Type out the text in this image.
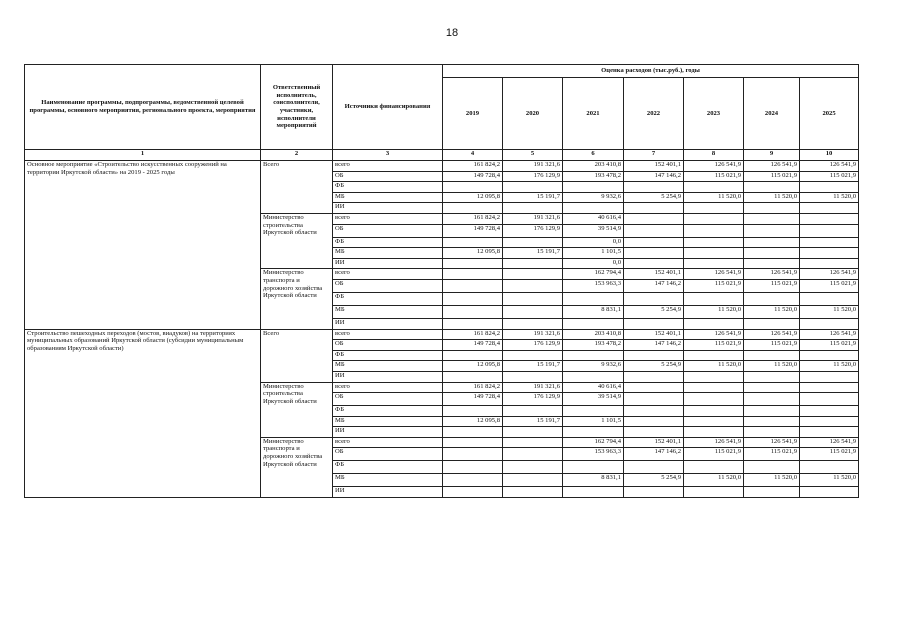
18
Наименование программы, подпрограммы, ведомственной целевой программы, основного мероприятия, регионального проекта, мероприятия	Ответственный исполнитель, соисполнители, участники, исполнители мероприятий	Источники финансирования	Оценка расходов (тыс.руб.), годы						
			2019	2020	2021	2022	2023	2024	2025
1	2	3	4	5	6	7	8	9	10
Основное мероприятие «Строительство искусственных сооружений на территории Иркутской области» на 2019 - 2025 годы	Всего	всего	161 824,2	191 321,6	203 410,8	152 401,1	126 541,9	126 541,9	126 541,9
		ОБ	149 728,4	176 129,9	193 478,2	147 146,2	115 021,9	115 021,9	115 021,9
		ФБ							
		МБ	12 095,8	15 191,7	9 932,6	5 254,9	11 520,0	11 520,0	11 520,0
		ИИ							
	Министерство строительства Иркутской области	всего	161 824,2	191 321,6	40 616,4				
		ОБ	149 728,4	176 129,9	39 514,9				
		ФБ			0,0				
		МБ	12 095,8	15 191,7	1 101,5				
		ИИ			0,0				
	Министерство транспорта и дорожного хозяйства Иркутской области	всего			162 794,4	152 401,1	126 541,9	126 541,9	126 541,9
		ОБ			153 963,3	147 146,2	115 021,9	115 021,9	115 021,9
		ФБ							
		МБ			8 831,1	5 254,9	11 520,0	11 520,0	11 520,0
		ИИ							
Строительство пешеходных переходов (мостов, виадуков) на территориях муниципальных образований Иркутской области (субсидии муниципальным образованиям Иркутской области)	Всего	всего	161 824,2	191 321,6	203 410,8	152 401,1	126 541,9	126 541,9	126 541,9
		ОБ	149 728,4	176 129,9	193 478,2	147 146,2	115 021,9	115 021,9	115 021,9
		ФБ							
		МБ	12 095,8	15 191,7	9 932,6	5 254,9	11 520,0	11 520,0	11 520,0
		ИИ							
	Министерство строительства Иркутской области	всего	161 824,2	191 321,6	40 616,4				
		ОБ	149 728,4	176 129,9	39 514,9				
		ФБ							
		МБ	12 095,8	15 191,7	1 101,5				
		ИИ							
	Министерство транспорта и дорожного хозяйства Иркутской области	всего			162 794,4	152 401,1	126 541,9	126 541,9	126 541,9
		ОБ			153 963,3	147 146,2	115 021,9	115 021,9	115 021,9
		ФБ							
		МБ			8 831,1	5 254,9	11 520,0	11 520,0	11 520,0
		ИИ							
